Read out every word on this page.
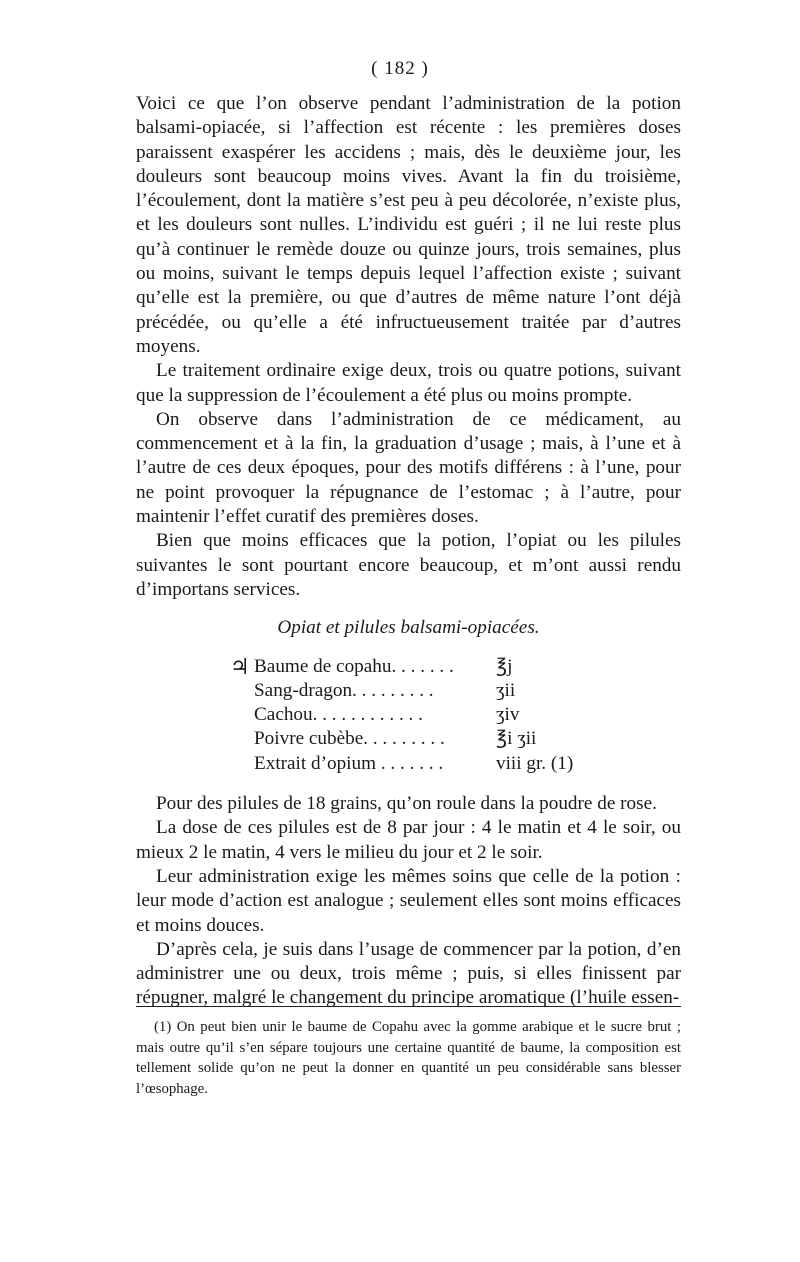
( 182 )

Voici ce que l’on observe pendant l’administration de la potion balsami-opiacée, si l’affection est récente : les premières doses paraissent exaspérer les accidens ; mais, dès le deuxième jour, les douleurs sont beaucoup moins vives. Avant la fin du troisième, l’écoulement, dont la matière s’est peu à peu décolorée, n’existe plus, et les douleurs sont nulles. L’individu est guéri ; il ne lui reste plus qu’à continuer le remède douze ou quinze jours, trois semaines, plus ou moins, suivant le temps depuis lequel l’affection existe ; suivant qu’elle est la première, ou que d’autres de même nature l’ont déjà précédée, ou qu’elle a été infructueusement traitée par d’autres moyens.

Le traitement ordinaire exige deux, trois ou quatre potions, suivant que la suppression de l’écoulement a été plus ou moins prompte.

On observe dans l’administration de ce médicament, au commencement et à la fin, la graduation d’usage ; mais, à l’une et à l’autre de ces deux époques, pour des motifs différens : à l’une, pour ne point provoquer la répugnance de l’estomac ; à l’autre, pour maintenir l’effet curatif des premières doses.

Bien que moins efficaces que la potion, l’opiat ou les pilules suivantes le sont pourtant encore beaucoup, et m’ont aussi rendu d’importans services.

Opiat et pilules balsami-opiacées.
♃ Baume de copahu. . . . . . .	℥j
Sang-dragon. . . . . . . . .	ʒii
Cachou. . . . . . . . . . . .	ʒiv
Poivre cubèbe. . . . . . . . .	℥i ʒii
Extrait d’opium . . . . . . .	viii gr. (1)

Pour des pilules de 18 grains, qu’on roule dans la poudre de rose.

La dose de ces pilules est de 8 par jour : 4 le matin et 4 le soir, ou mieux 2 le matin, 4 vers le milieu du jour et 2 le soir.

Leur administration exige les mêmes soins que celle de la potion : leur mode d’action est analogue ; seulement elles sont moins efficaces et moins douces.

D’après cela, je suis dans l’usage de commencer par la potion, d’en administrer une ou deux, trois même ; puis, si elles finissent par répugner, malgré le changement du principe aromatique (l’huile essen-

(1) On peut bien unir le baume de Copahu avec la gomme arabique et le sucre brut ; mais outre qu’il s’en sépare toujours une certaine quantité de baume, la composition est tellement solide qu’on ne peut la donner en quantité un peu considérable sans blesser l’œsophage.
